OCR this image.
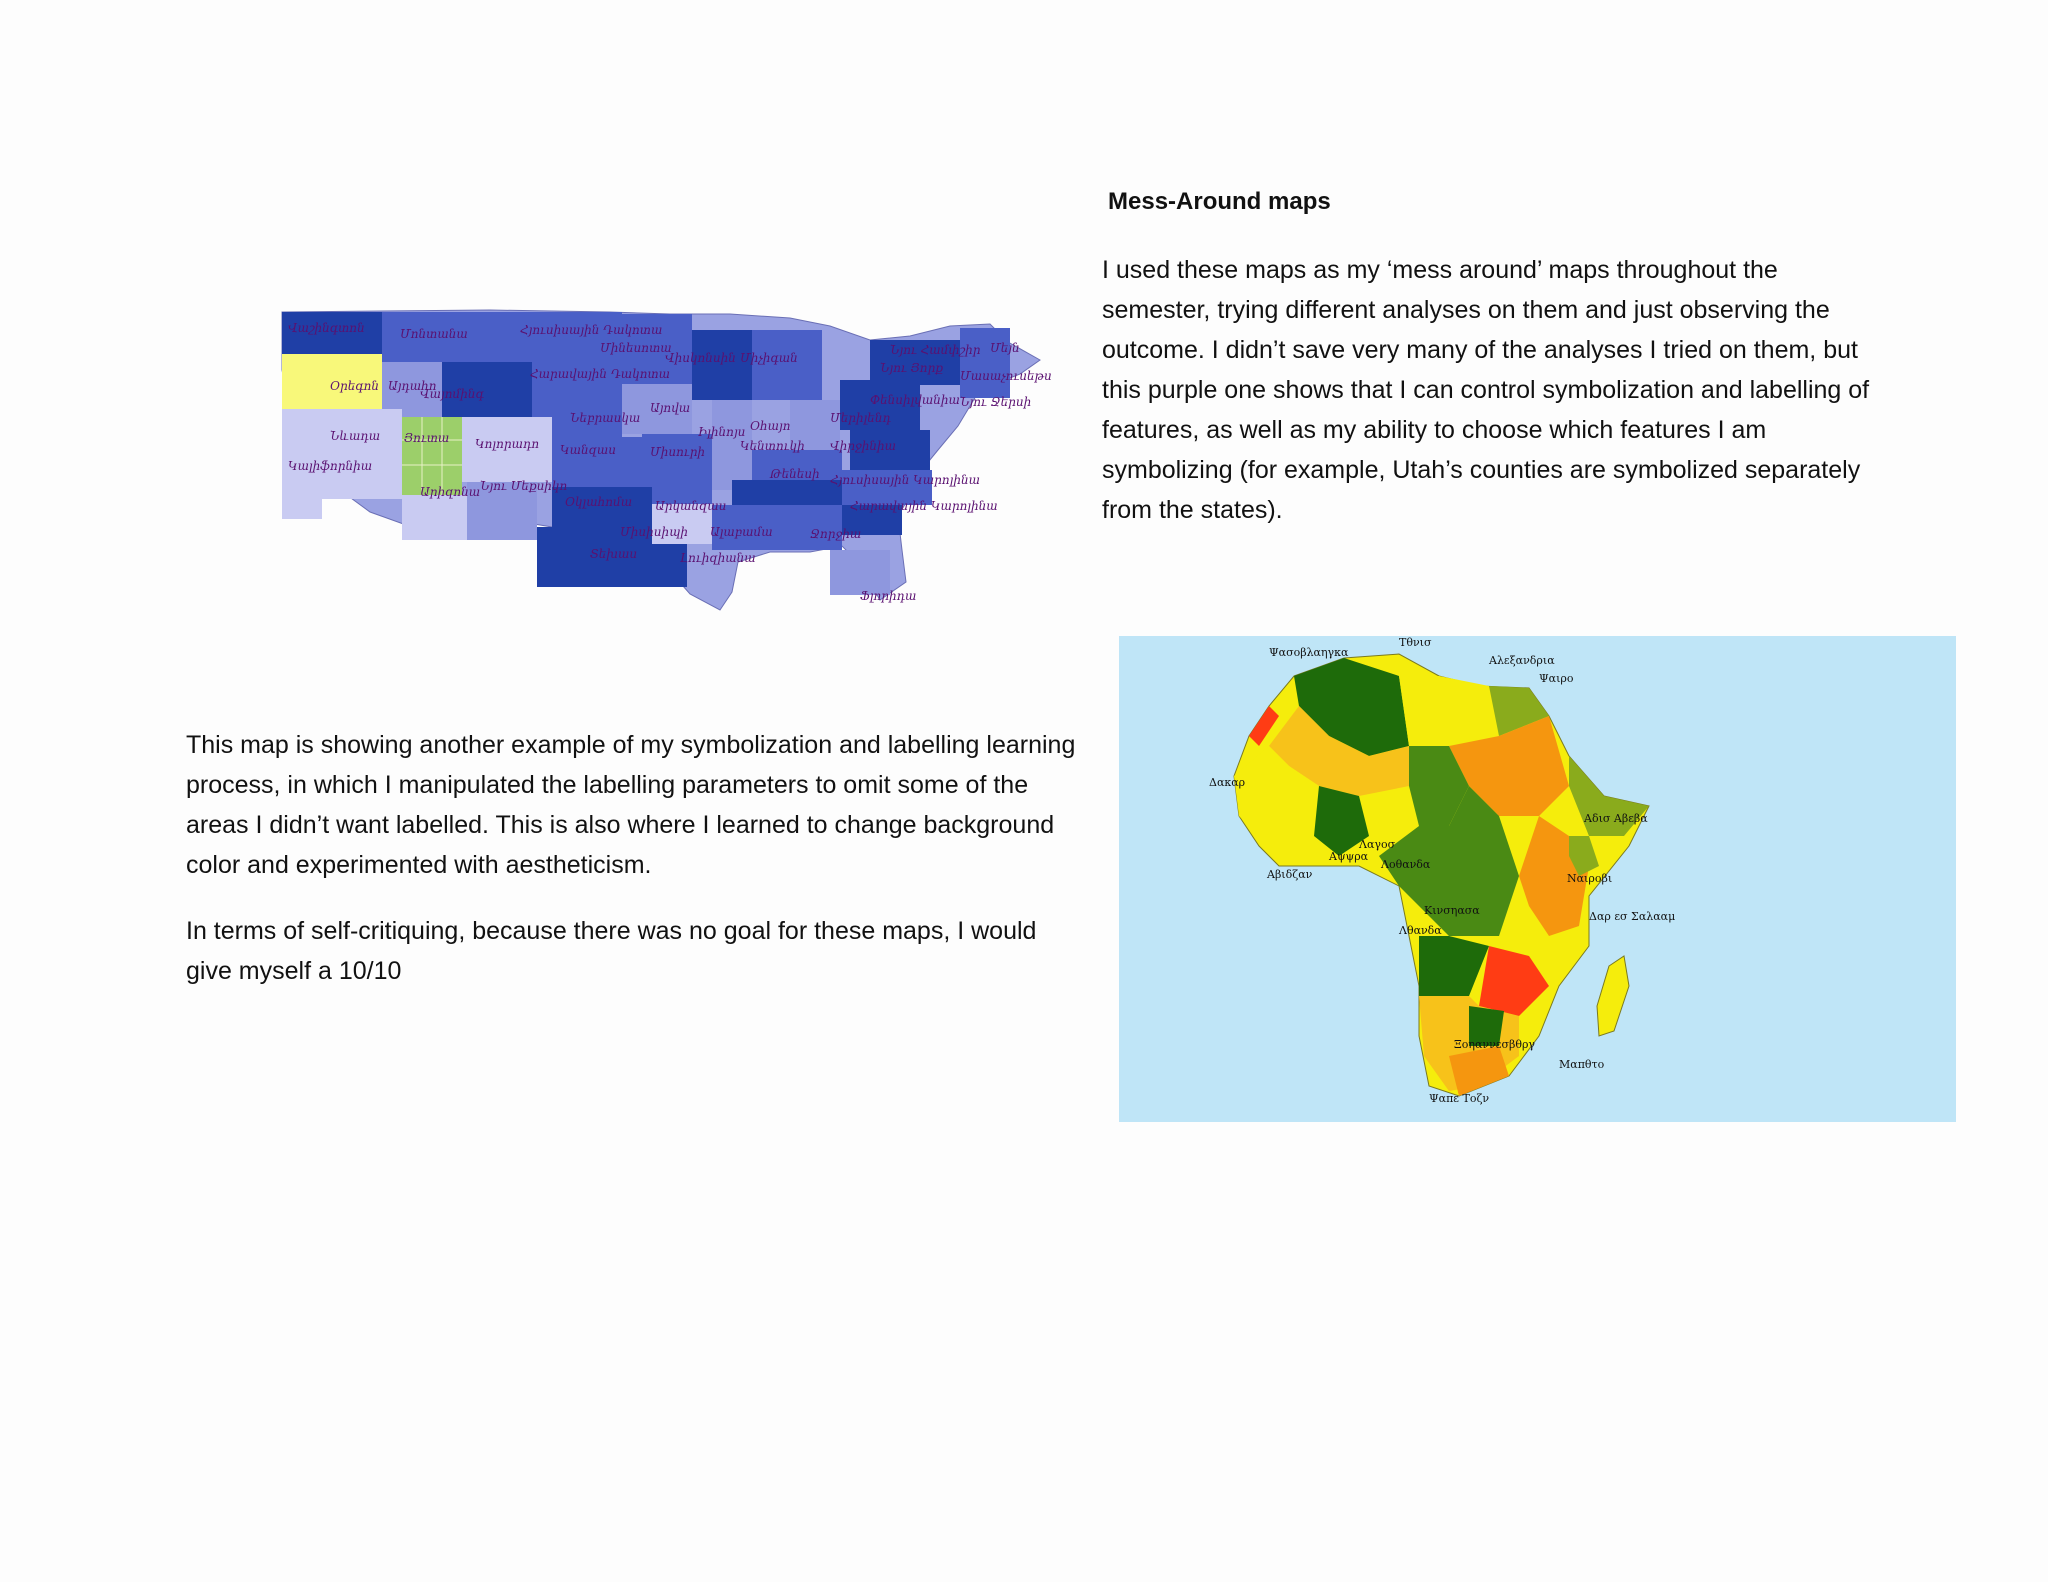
Mess-Around maps

I used these maps as my ‘mess around’ maps throughout the semester, trying different analyses on them and just observing the outcome. I didn’t save very many of the analyses I tried on them, but this purple one shows that I can control symbolization and labelling of features, as well as my ability to choose which features I am symbolizing (for example, Utah’s counties are symbolized separately from the states).

Վաշինգտոն	Մոնտանա	Հյուսիսային Դակոտա
Մինեսոտա
Վիսկոնսին Միչիգան
Նյու Համփշիր Մեյն
Օրեգոն Այդահո
Վայոմինգ
Հարավային Դակոտա	Նյու Յորք
Մասաչուսեթս
Նեբրասկա
Այովա
Փենսիլվանիա Նյու Ջերսի
Նևադա Յուտա Կոլորադո Կանզաս	Միսուրի
Իլինոյս Օհայո
Մերիլենդ
Կալիֆորնիա
Կենտուկի Վիրջինիա
Թենեսի Հյուսիսային Կարոլինա
Արիզոնա Նյու Մեքսիկո
Օկլահոմա Արկանզաս	Հարավային Կարոլինա
Միսիսիպի Ալաբամա	Ջորջիա
Տեխաս	Լուիզիանա
Ֆլորիդա
Ψασοβλαηγκα
Τθνισ
Αλεξανδρια
Ψαιρο
Δακαρ
Αδισ Αβεβα
Λαγοσ
Αψψρα
Αβιδζαν
Λοθανδα
Κινσηασα
Ναιροβι
Λθανδα
Δαρ εσ Σαλααμ
Ξοηαννεσβθργ
Μαπθτο
Ψαπε Τοζν

This map is showing another example of my symbolization and labelling learning process, in which I manipulated the labelling parameters to omit some of the areas I didn’t want labelled. This is also where I learned to change background color and experimented with aestheticism.

In terms of self-critiquing, because there was no goal for these maps, I would give myself a 10/10
